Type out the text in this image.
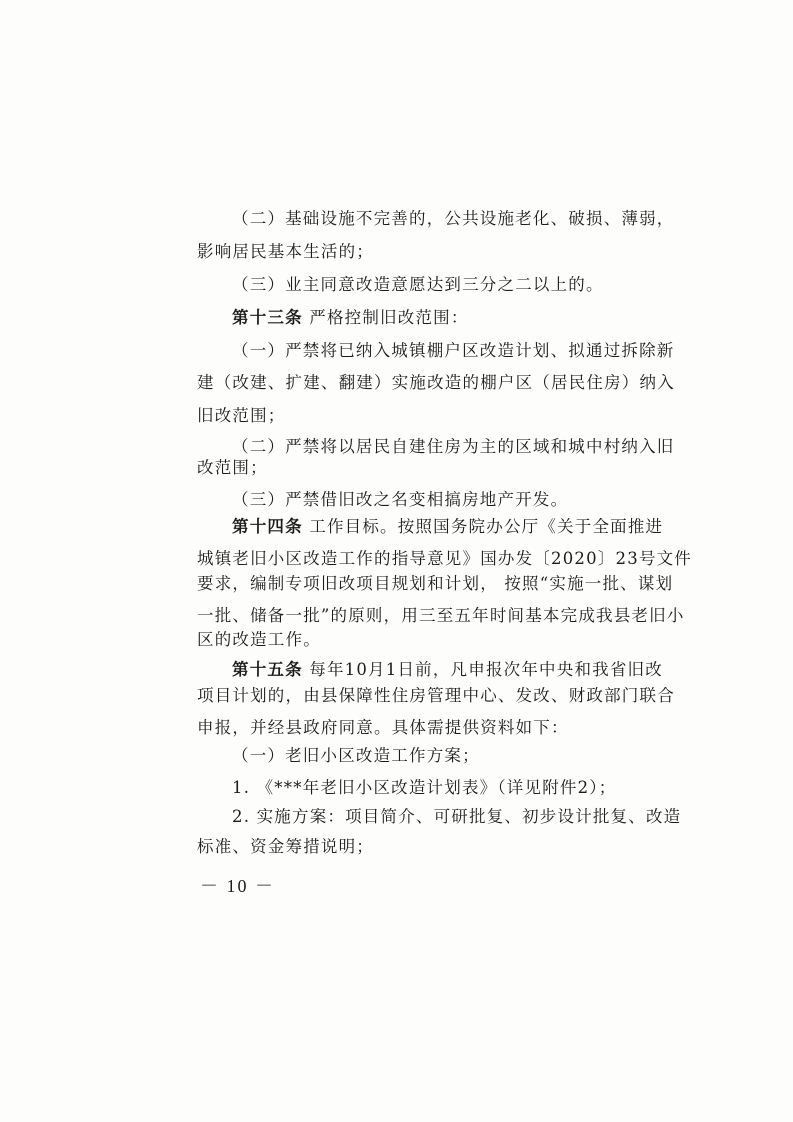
（二）基础设施不完善的，公共设施老化、破损、薄弱，
影响居民基本生活的；
（三）业主同意改造意愿达到三分之二以上的。
第十三条 严格控制旧改范围：
（一）严禁将已纳入城镇棚户区改造计划、拟通过拆除新
建（改建、扩建、翻建）实施改造的棚户区（居民住房）纳入
旧改范围；
（二）严禁将以居民自建住房为主的区域和城中村纳入旧
改范围；
（三）严禁借旧改之名变相搞房地产开发。
第十四条 工作目标。按照国务院办公厅《关于全面推进
城镇老旧小区改造工作的指导意见》国办发〔2020〕23号文件
要求，编制专项旧改项目规划和计划， 按照“实施一批、谋划
一批、储备一批”的原则，用三至五年时间基本完成我县老旧小
区的改造工作。
第十五条 每年10月1日前，凡申报次年中央和我省旧改
项目计划的，由县保障性住房管理中心、发改、财政部门联合
申报，并经县政府同意。具体需提供资料如下：
（一）老旧小区改造工作方案；
1. 《***年老旧小区改造计划表》（详见附件2）；
2. 实施方案：项目简介、可研批复、初步设计批复、改造
标准、资金筹措说明；
－ 10 －
